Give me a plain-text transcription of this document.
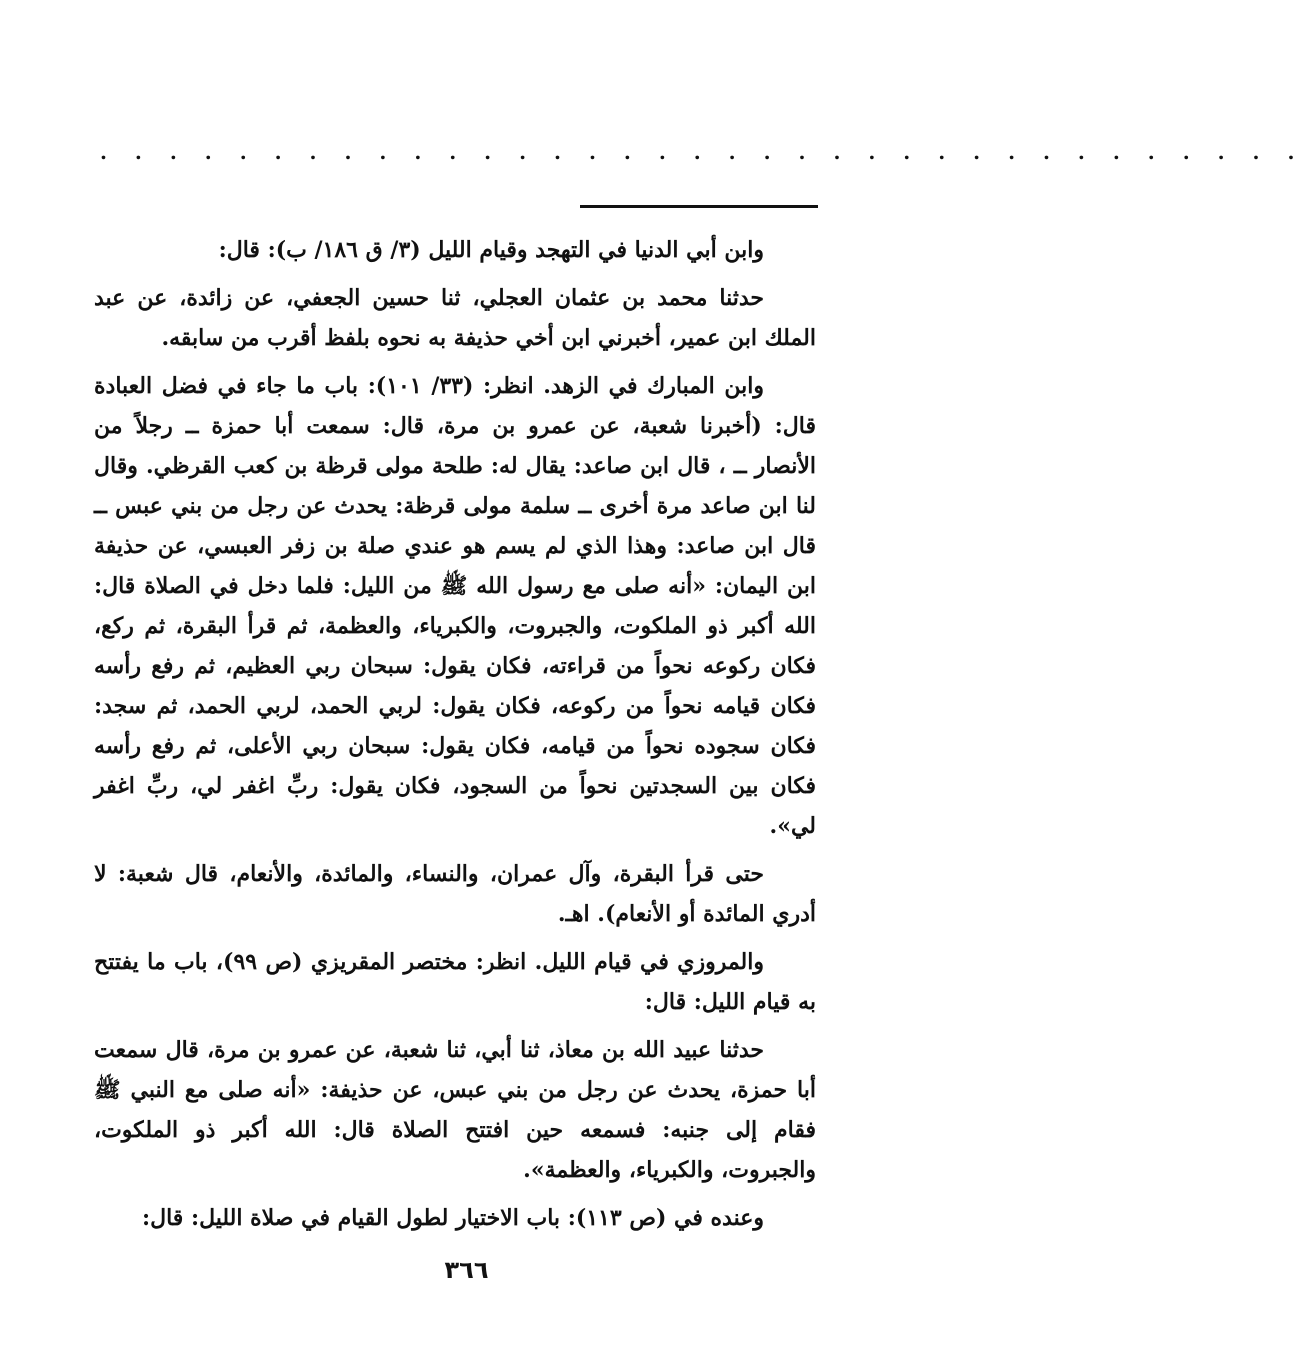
. . . . . . . . . . . . . . . . . . . . . . . . . . . . . . . . . . .

وابن أبي الدنيا في التهجد وقيام الليل (٣/ ق ١٨٦/ ب): قال:

حدثنا محمد بن عثمان العجلي، ثنا حسين الجعفي، عن زائدة، عن عبد الملك ابن عمير، أخبرني ابن أخي حذيفة به نحوه بلفظ أقرب من سابقه.

وابن المبارك في الزهد. انظر: (٣٣/ ١٠١): باب ما جاء في فضل العبادة قال: (أخبرنا شعبة، عن عمرو بن مرة، قال: سمعت أبا حمزة ــ رجلاً من الأنصار ــ ، قال ابن صاعد: يقال له: طلحة مولى قرظة بن كعب القرظي. وقال لنا ابن صاعد مرة أخرى ــ سلمة مولى قرظة: يحدث عن رجل من بني عبس ــ قال ابن صاعد: وهذا الذي لم يسم هو عندي صلة بن زفر العبسي، عن حذيفة ابن اليمان: «أنه صلى مع رسول الله ﷺ من الليل: فلما دخل في الصلاة قال: الله أكبر ذو الملكوت، والجبروت، والكبرياء، والعظمة، ثم قرأ البقرة، ثم ركع، فكان ركوعه نحواً من قراءته، فكان يقول: سبحان ربي العظيم، ثم رفع رأسه فكان قيامه نحواً من ركوعه، فكان يقول: لربي الحمد، لربي الحمد، ثم سجد: فكان سجوده نحواً من قيامه، فكان يقول: سبحان ربي الأعلى، ثم رفع رأسه فكان بين السجدتين نحواً من السجود، فكان يقول: ربِّ اغفر لي، ربِّ اغفر لي».

حتى قرأ البقرة، وآل عمران، والنساء، والمائدة، والأنعام، قال شعبة: لا أدري المائدة أو الأنعام). اهـ.

والمروزي في قيام الليل. انظر: مختصر المقريزي (ص ٩٩)، باب ما يفتتح به قيام الليل: قال:

حدثنا عبيد الله بن معاذ، ثنا أبي، ثنا شعبة، عن عمرو بن مرة، قال سمعت أبا حمزة، يحدث عن رجل من بني عبس، عن حذيفة: «أنه صلى مع النبي ﷺ فقام إلى جنبه: فسمعه حين افتتح الصلاة قال: الله أكبر ذو الملكوت، والجبروت، والكبرياء، والعظمة».

وعنده في (ص ١١٣): باب الاختيار لطول القيام في صلاة الليل: قال:

٣٦٦
